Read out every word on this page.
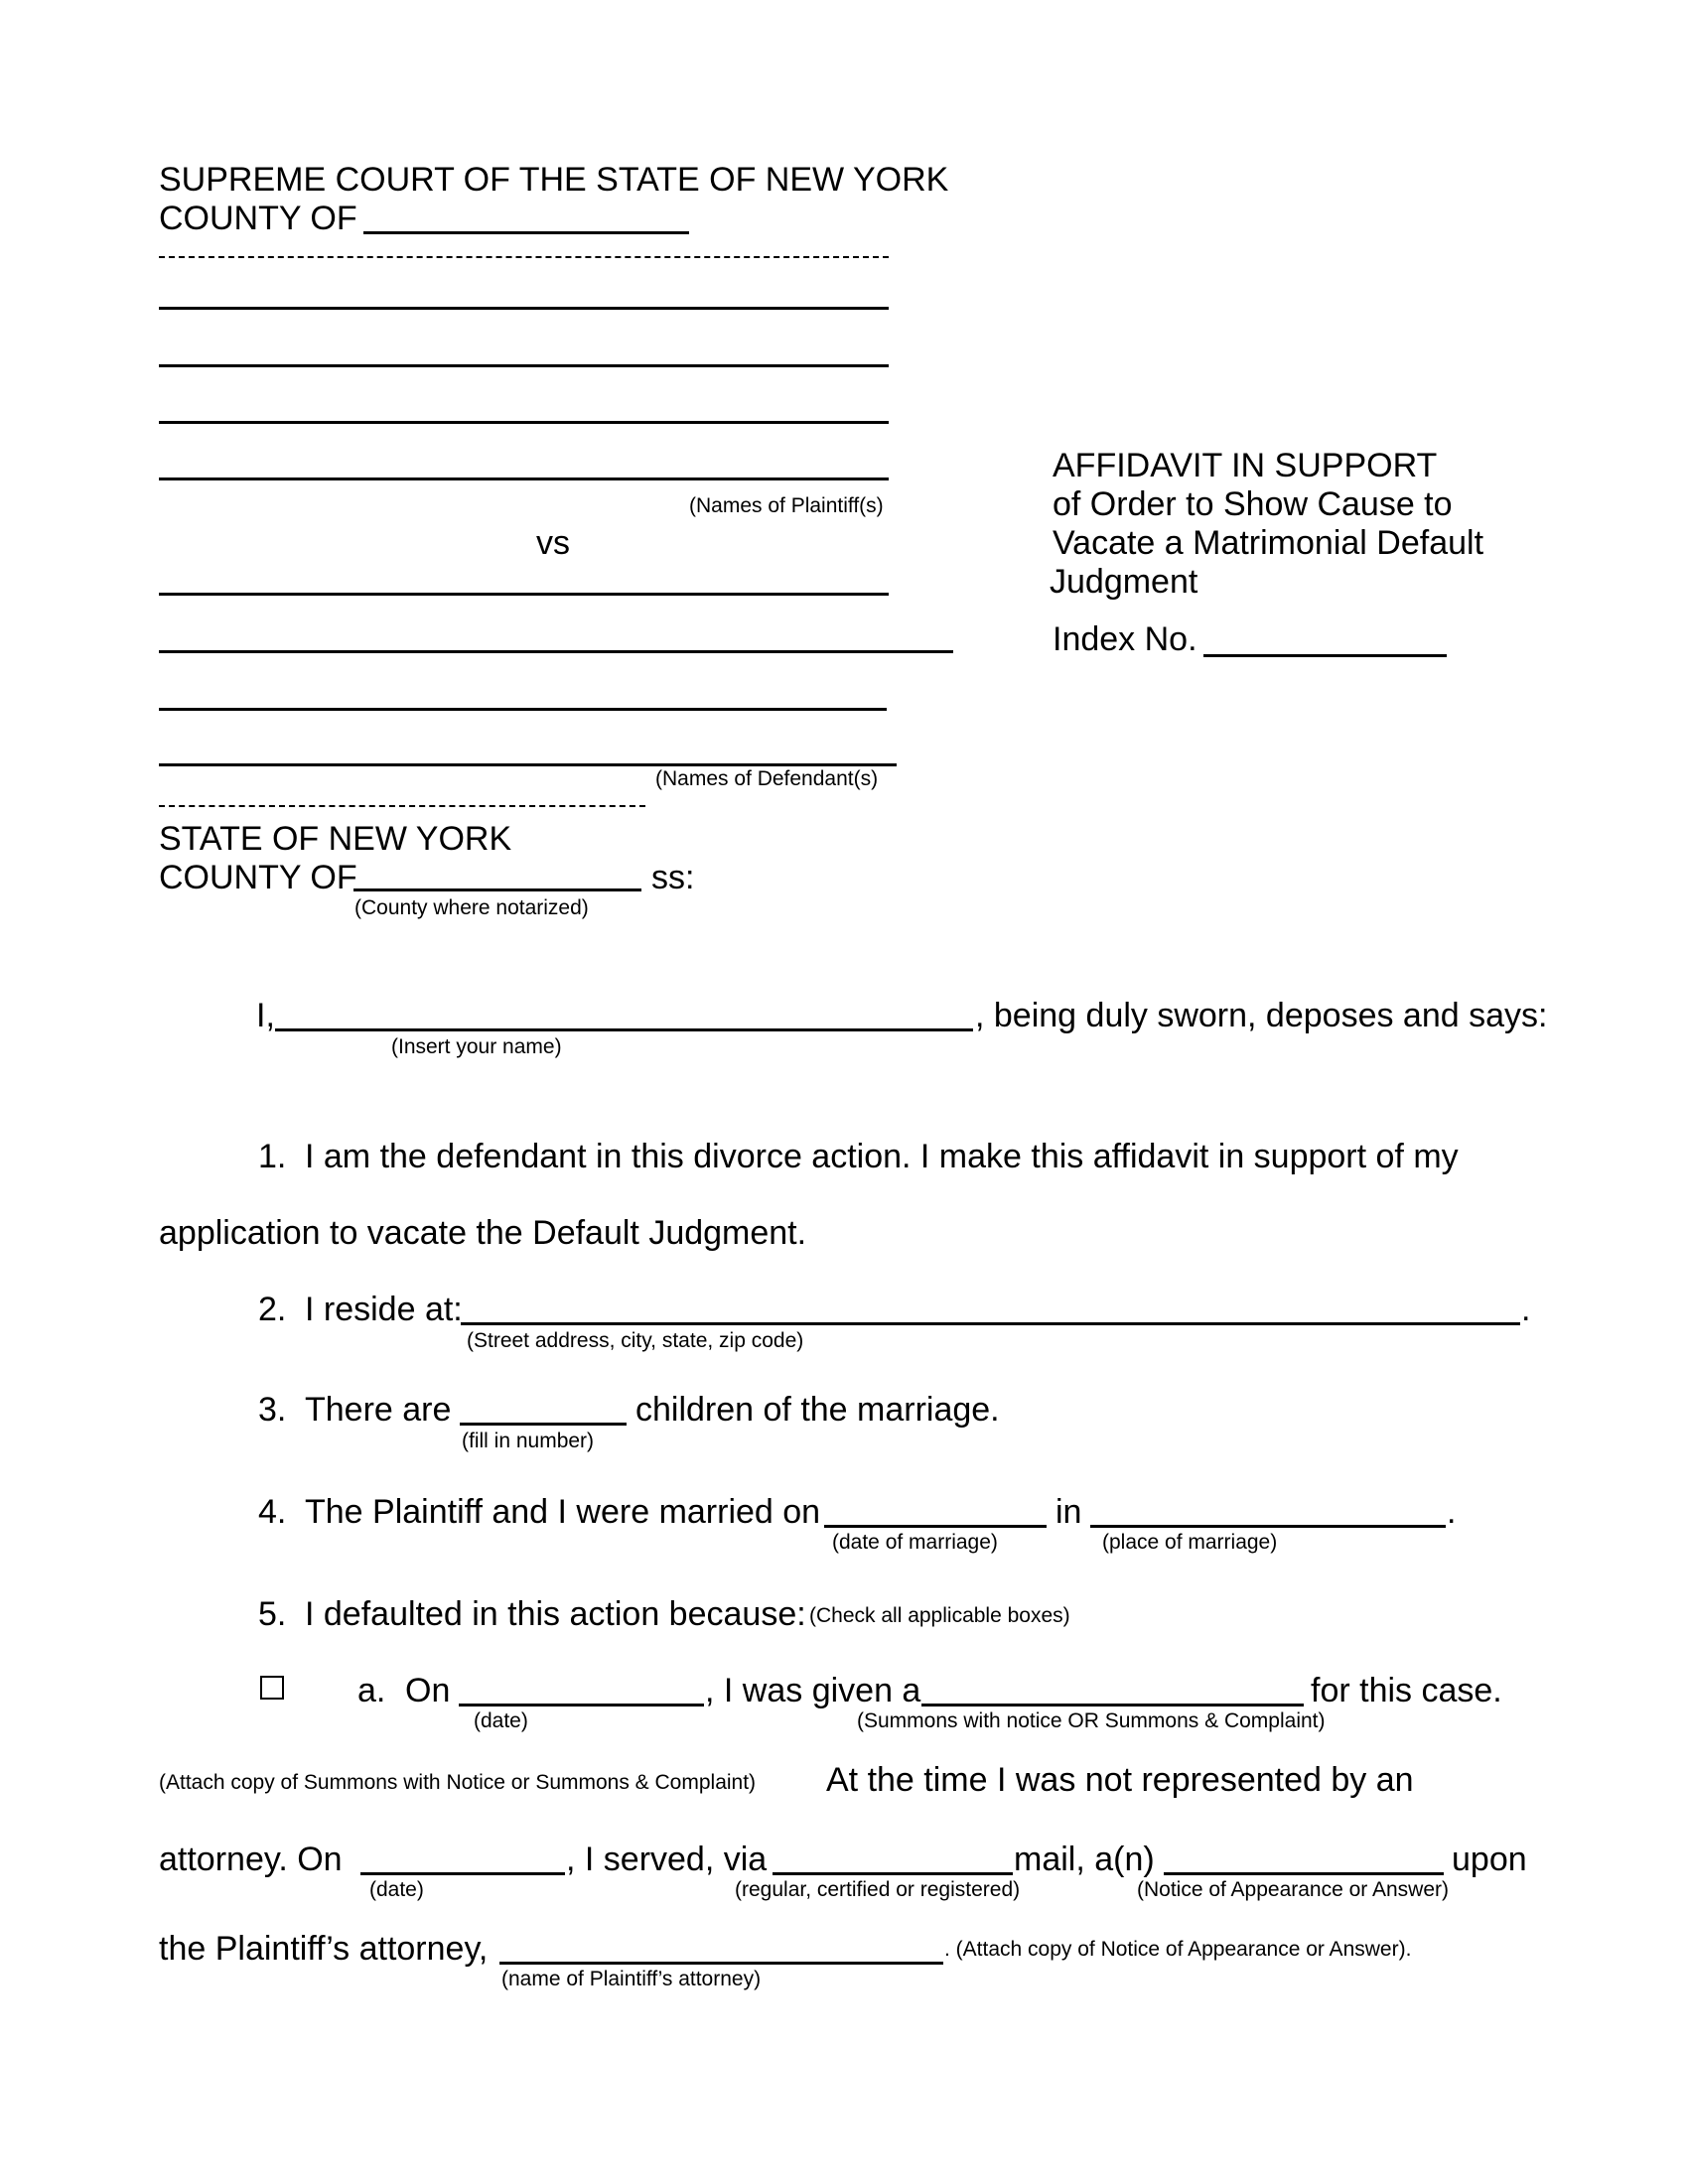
SUPREME COURT OF THE STATE OF NEW YORK
COUNTY OF
(Names of Plaintiff(s)
vs
(Names of Defendant(s)
AFFIDAVIT IN SUPPORT
of Order to Show Cause to
Vacate a Matrimonial Default
Judgment
Index No.
STATE OF NEW YORK
COUNTY OF	ss:
(County where notarized)
I,	, being duly sworn, deposes and says:
(Insert your name)
1. I am the defendant in this divorce action. I make this affidavit in support of my
application to vacate the Default Judgment.
2. I reside at:	.
(Street address, city, state, zip code)
3. There are	children of the marriage.
(fill in number)
4. The Plaintiff and I were married on	in	.
(date of marriage)	(place of marriage)
5. I defaulted in this action because: (Check all applicable boxes)
a. On	, I was given a	for this case.
(date)	(Summons with notice OR Summons & Complaint)
(Attach copy of Summons with Notice or Summons & Complaint) At the time I was not represented by an
attorney. On	, I served, via	mail, a(n)	upon
(date)	(regular, certified or registered)	(Notice of Appearance or Answer)
the Plaintiff’s attorney,	. (Attach copy of Notice of Appearance or Answer).
(name of Plaintiff’s attorney)
